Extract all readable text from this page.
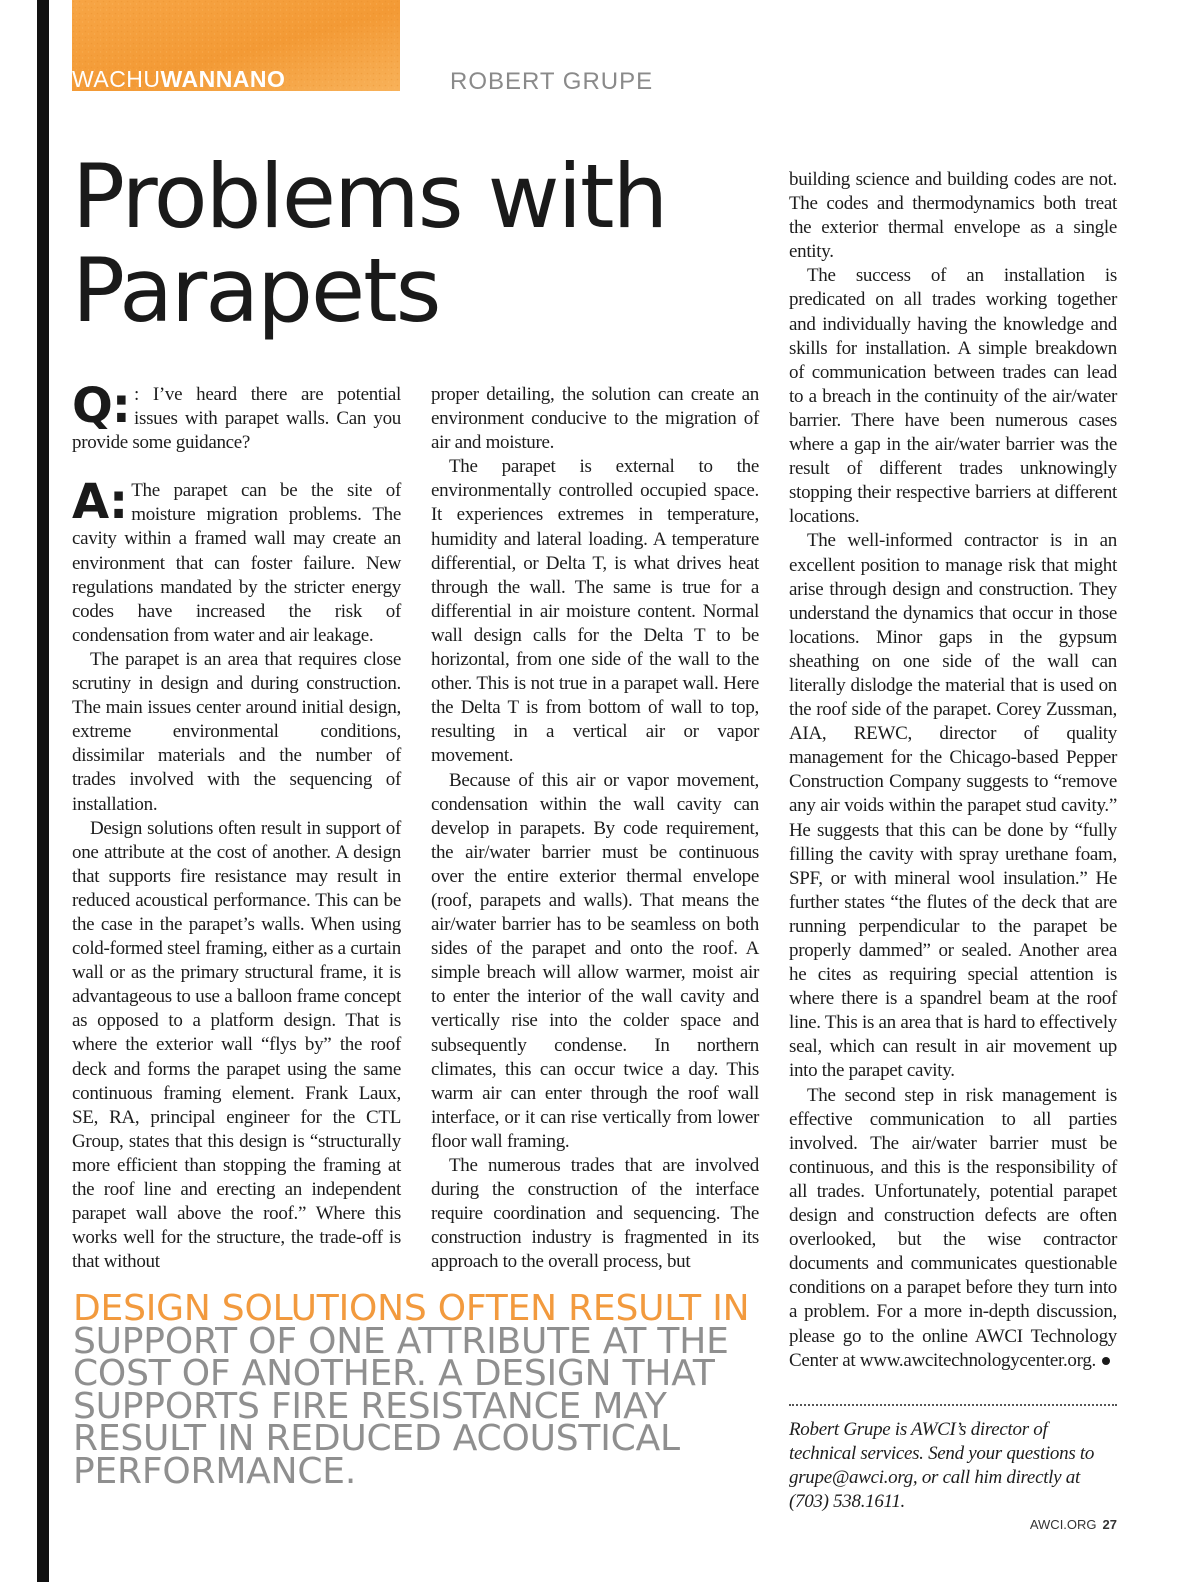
WACHUWANNANO	ROBERT GRUPE
Problems with
Parapets

Q: : I’ve heard there are potential issues with parapet walls. Can you provide some guidance?

A: The parapet can be the site of moisture migration problems. The cavity within a framed wall may create an environment that can foster failure. New regulations mandated by the stricter energy codes have increased the risk of condensation from water and air leakage.

The parapet is an area that requires close scrutiny in design and during construction. The main issues center around initial design, extreme environmental conditions, dissimilar materials and the number of trades involved with the sequencing of installation.

Design solutions often result in support of one attribute at the cost of another. A design that supports fire resistance may result in reduced acoustical performance. This can be the case in the parapet’s walls. When using cold-formed steel framing, either as a curtain wall or as the primary structural frame, it is advantageous to use a balloon frame concept as opposed to a platform design. That is where the exterior wall “flys by” the roof deck and forms the parapet using the same continuous framing element. Frank Laux, SE, RA, principal engineer for the CTL Group, states that this design is “structurally more efficient than stopping the framing at the roof line and erecting an independent parapet wall above the roof.” Where this works well for the structure, the trade-off is that without

proper detailing, the solution can create an environment conducive to the migration of air and moisture.

The parapet is external to the environmentally controlled occupied space. It experiences extremes in temperature, humidity and lateral loading. A temperature differential, or Delta T, is what drives heat through the wall. The same is true for a differential in air moisture content. Normal wall design calls for the Delta T to be horizontal, from one side of the wall to the other. This is not true in a parapet wall. Here the Delta T is from bottom of wall to top, resulting in a vertical air or vapor movement.

Because of this air or vapor movement, condensation within the wall cavity can develop in parapets. By code requirement, the air/water barrier must be continuous over the entire exterior thermal envelope (roof, parapets and walls). That means the air/water barrier has to be seamless on both sides of the parapet and onto the roof. A simple breach will allow warmer, moist air to enter the interior of the wall cavity and vertically rise into the colder space and subsequently condense. In northern climates, this can occur twice a day. This warm air can enter through the roof wall interface, or it can rise vertically from lower floor wall framing.

The numerous trades that are involved during the construction of the interface require coordination and sequencing. The construction industry is fragmented in its approach to the overall process, but

building science and building codes are not. The codes and thermodynamics both treat the exterior thermal envelope as a single entity.

The success of an installation is predicated on all trades working together and individually having the knowledge and skills for installation. A simple breakdown of communication between trades can lead to a breach in the continuity of the air/water barrier. There have been numerous cases where a gap in the air/water barrier was the result of different trades unknowingly stopping their respective barriers at different locations.

The well-informed contractor is in an excellent position to manage risk that might arise through design and construction. They understand the dynamics that occur in those locations. Minor gaps in the gypsum sheathing on one side of the wall can literally dislodge the material that is used on the roof side of the parapet. Corey Zussman, AIA, REWC, director of quality management for the Chicago-based Pepper Construction Company suggests to “remove any air voids within the parapet stud cavity.” He suggests that this can be done by “fully filling the cavity with spray urethane foam, SPF, or with mineral wool insulation.” He further states “the flutes of the deck that are running perpendicular to the parapet be properly dammed” or sealed. Another area he cites as requiring special attention is where there is a spandrel beam at the roof line. This is an area that is hard to effectively seal, which can result in air movement up into the parapet cavity.

The second step in risk management is effective communication to all parties involved. The air/water barrier must be continuous, and this is the responsibility of all trades. Unfortunately, potential parapet design and construction defects are often overlooked, but the wise contractor documents and communicates questionable conditions on a parapet before they turn into a problem. For a more in-depth discussion, please go to the online AWCI Technology Center at www.awcitechnologycenter.org.

DESIGN SOLUTIONS OFTEN RESULT IN SUPPORT OF ONE ATTRIBUTE AT THE COST OF ANOTHER. A DESIGN THAT SUPPORTS FIRE RESISTANCE MAY RESULT IN REDUCED ACOUSTICAL PERFORMANCE.

Robert Grupe is AWCI’s director of technical services. Send your questions to grupe@awci.org, or call him directly at (703) 538.1611.

AWCI.ORG 27
